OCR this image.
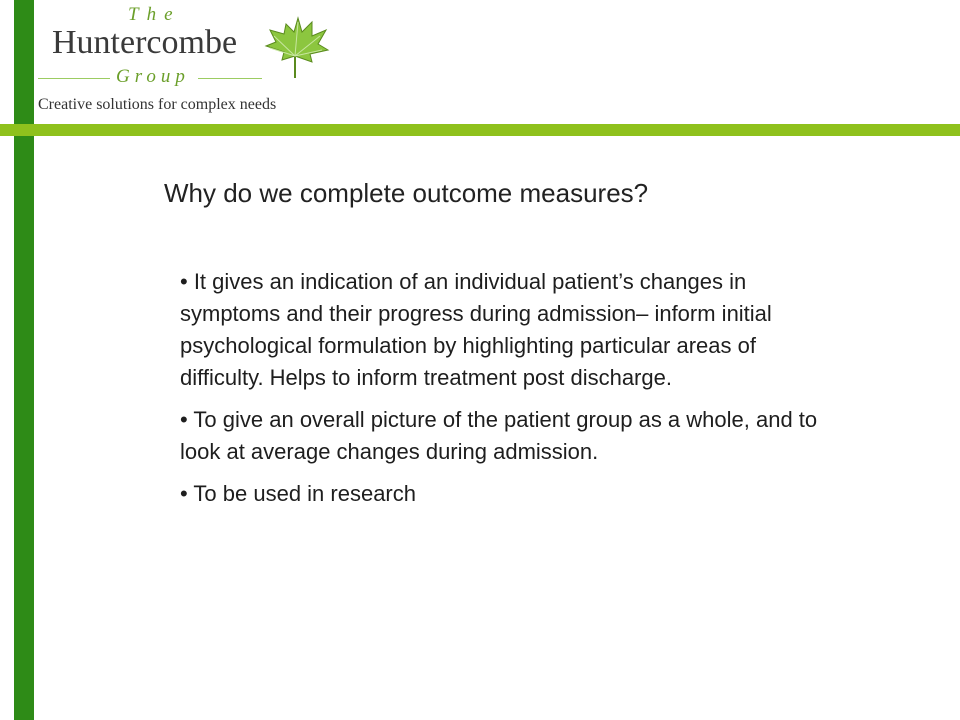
The
Huntercombe
Group
Creative solutions for complex needs
Why do we complete outcome measures?

• It gives an indication of an individual patient’s changes in symptoms and their progress during admission– inform initial psychological formulation by highlighting particular areas of difficulty. Helps to inform treatment post discharge.

• To give an overall picture of the patient group as a whole, and to look at average changes during admission.

• To be used in research
